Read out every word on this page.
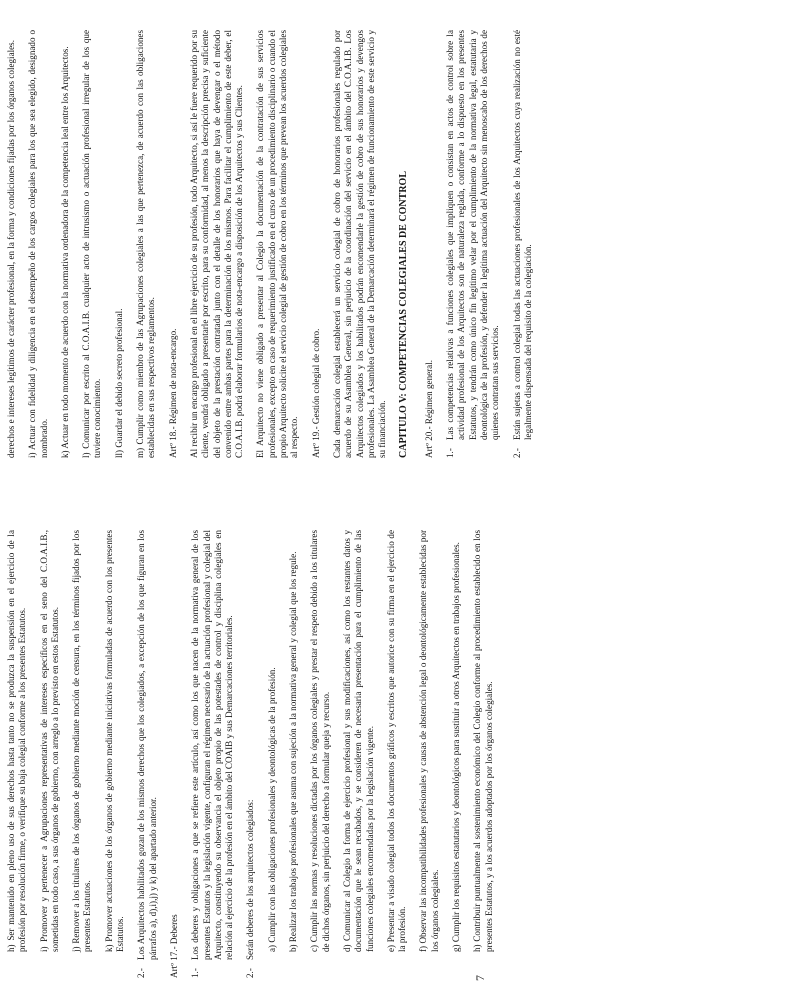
7

h) Ser mantenido en pleno uso de sus derechos hasta tanto no se produzca la suspensión en el ejercicio de la profesión por resolución firme, o verifique su baja colegial conforme a los presentes Estatutos. i) Promover y pertenecer a Agrupaciones representativas de intereses específicos en el seno del C.O.A.I.B., sometidas en todo caso, a sus órganos de gobierno, con arreglo a lo previsto en estos Estatutos. j) Remover a los titulares de los órganos de gobierno mediante moción de censura, en los términos fijados por los presentes Estatutos. k) Promover actuaciones de los órganos de gobierno mediante iniciativas formuladas de acuerdo con los presentes Estatutos.

2.-
Los Arquitectos habilitados gozan de los mismos derechos que los colegiados, a excepción de los que figuran en los párrafos a), d),i),j) y k) del apartado anterior. Artº 17.- Deberes 1.-
Los deberes y obligaciones a que se refiere este artículo, así como los que nacen de la normativa general de los presentes Estatutos y la legislación vigente, configuran el régimen necesario de la actuación profesional y colegial del Arquitecto, constituyendo su observancia el objeto propio de las potestades de control y disciplina colegiales en relación al ejercicio de la profesión en el ámbito del COAIB y sus Demarcaciones territoriales.
2.-
Serán deberes de los arquitectos colegiados: a) Cumplir con las obligaciones profesionales y deontológicas de la profesión. b) Realizar los trabajos profesionales que asuma con sujeción a la normativa general y colegial que los regule. c) Cumplir las normas y resoluciones dictadas por los órganos colegiales y prestar el respeto debido a los titulares de dichos órganos, sin perjuicio del derecho a formular queja y recurso. d) Comunicar al Colegio la forma de ejercicio profesional y sus modificaciones, así como los restantes datos y documentación que le sean recabados, y se consideren de necesaria presentación para el cumplimiento de las funciones colegiales encomendadas por la legislación vigente. e) Presentar a visado colegial todos los documentos gráficos y escritos que autorice con su firma en el ejercicio de la profesión. f) Observar las incompatibilidades profesionales y causas de abstención legal o deontológicamente establecidas por los órganos colegiales. g) Cumplir los requisitos estatutarios y deontológicos para sustituir a otros Arquitectos en trabajos profesionales. h) Contribuir puntualmente al sostenimiento económico del Colegio conforme al procedimiento establecido en los presentes Estatutos, y a los acuerdos adoptados por los órganos colegiales.

derechos e intereses legítimos de carácter profesional, en la forma y condiciones fijadas por los órganos colegiales. i) Actuar con fidelidad y diligencia en el desempeño de los cargos colegiales para los que sea elegido, designado o nombrado. k) Actuar en todo momento de acuerdo con la normativa ordenadora de la competencia leal entre los Arquitectos. l) Comunicar por escrito al C.O.A.I.B. cualquier acto de intrusismo o actuación profesional irregular de los que tuviere conocimiento. ll) Guardar el debido secreto profesional. m) Cumplir como miembro de las Agrupaciones colegiales a las que pertenezca, de acuerdo con las obligaciones establecidas en sus respectivos reglamentos. Artº 18.- Régimen de nota-encargo. Al recibir un encargo profesional en el libre ejercicio de su profesión, todo Arquitecto, si así le fuere requerido por su cliente, vendrá obligado a presentarle por escrito, para su conformidad, al menos la descripción precisa y suficiente del objeto de la prestación contratada junto con el detalle de los honorarios que haya de devengar o el método convenido entre ambas partes para la determinación de los mismos. Para facilitar el cumplimiento de este deber, el C.O.A.I.B. podrá elaborar formularios de nota-encargo a disposición de los Arquitectos y sus Clientes. El Arquitecto no viene obligado a presentar al Colegio la documentación de la contratación de sus servicios profesionales, excepto en caso de requerimiento justificado en el curso de un procedimiento disciplinario o cuando el propio Arquitecto solicite el servicio colegial de gestión de cobro en los términos que prevean los acuerdos colegiales al respecto. Artº 19.- Gestión colegial de cobro. Cada demarcación colegial establecerá un servicio colegial de cobro de honorarios profesionales regulado por acuerdo de su Asamblea General, sin perjuicio de la coordinación del servicio en el ámbito del C.O.A.I.B. Los Arquitectos colegiados y los habilitados podrán encomendarle la gestión de cobro de sus honorarios y devengos profesionales. La Asamblea General de la Demarcación determinará el régimen de funcionamiento de este servicio y su financiación. CAPITULO V: COMPETENCIAS COLEGIALES DE CONTROL Artº 20.- Régimen general. 1.-
Las competencias relativas a funciones colegiales que impliquen o consistan en actos de control sobre la actividad profesional de los Arquitectos son de naturaleza reglada, conforme a lo dispuesto en los presentes Estatutos, y tendrán como único fin legítimo velar por el cumplimiento de la normativa legal, estatutaria y deontológica de la profesión, y defender la legítima actuación del Arquitecto sin menoscabo de los derechos de quienes contratan sus servicios.
2.-
Están sujetas a control colegial todas las actuaciones profesionales de los Arquitectos cuya realización no esté legalmente dispensada del requisito de la colegiación.
